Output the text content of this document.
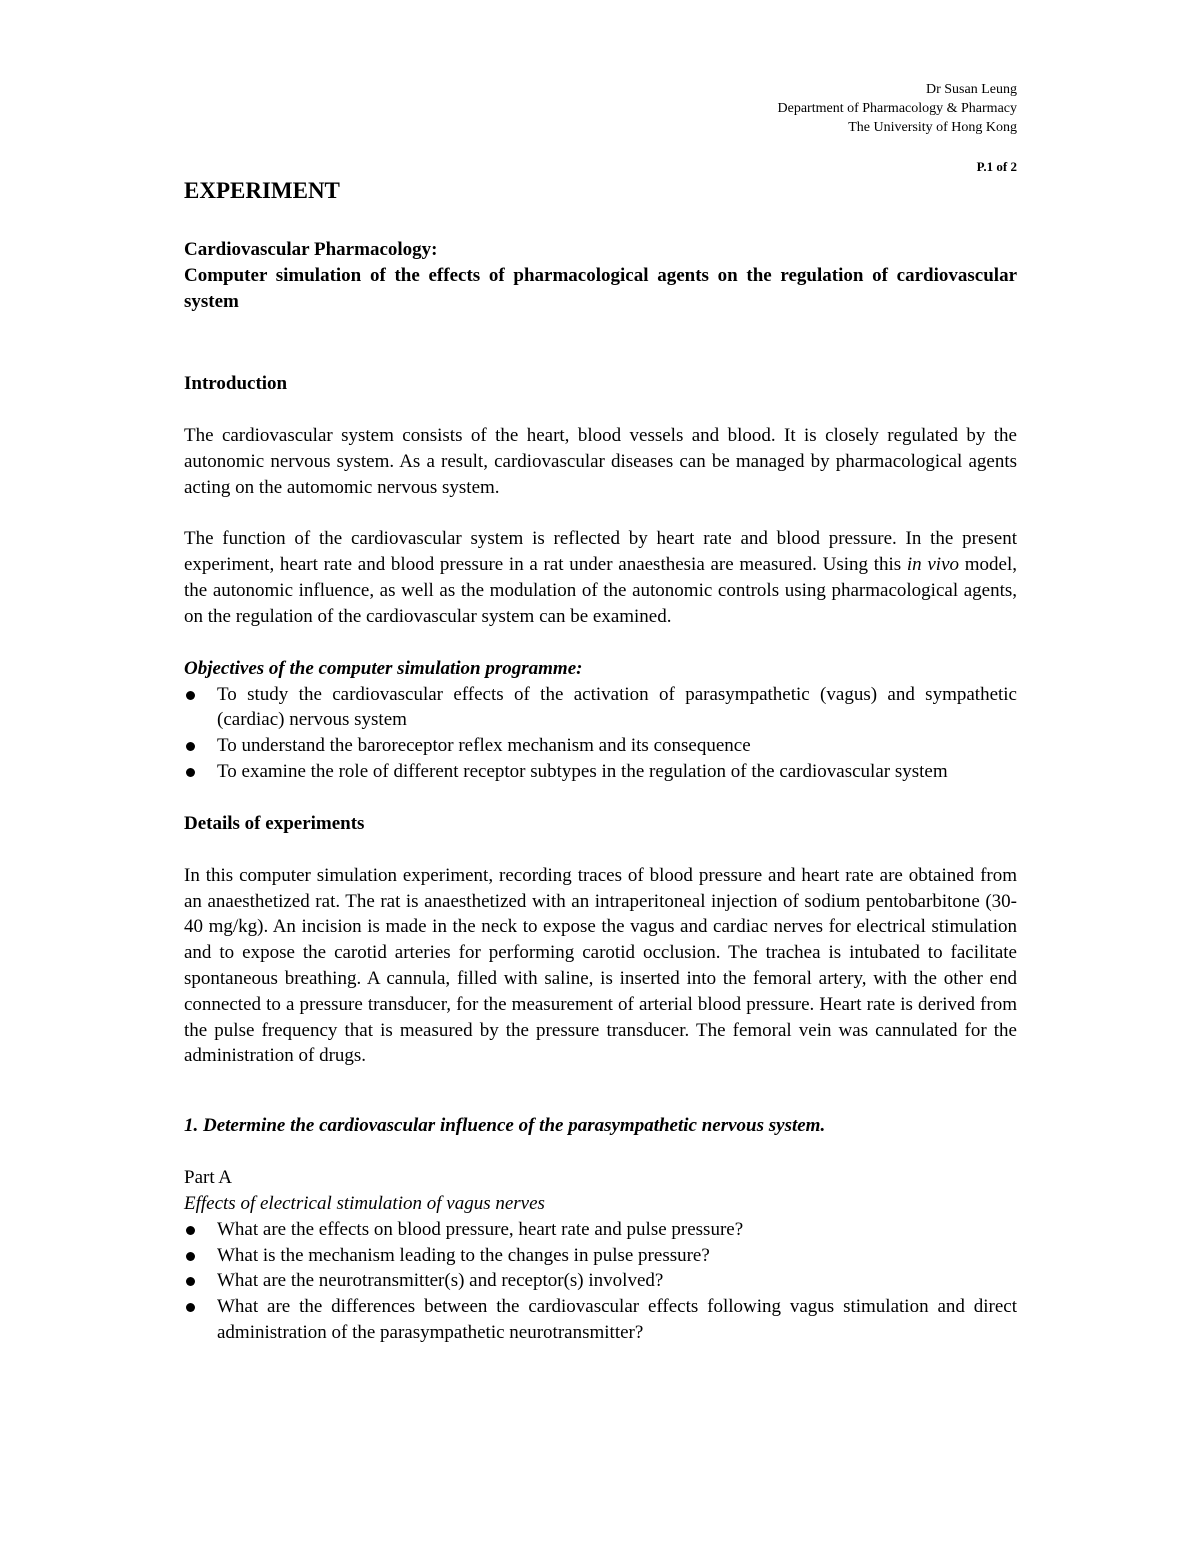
Dr Susan Leung
Department of Pharmacology & Pharmacy
The University of Hong Kong
P.1 of 2
EXPERIMENT
Cardiovascular Pharmacology:
Computer simulation of the effects of pharmacological agents on the regulation of cardiovascular system
Introduction

The cardiovascular system consists of the heart, blood vessels and blood. It is closely regulated by the autonomic nervous system. As a result, cardiovascular diseases can be managed by pharmacological agents acting on the automomic nervous system.

The function of the cardiovascular system is reflected by heart rate and blood pressure. In the present experiment, heart rate and blood pressure in a rat under anaesthesia are measured. Using this in vivo model, the autonomic influence, as well as the modulation of the autonomic controls using pharmacological agents, on the regulation of the cardiovascular system can be examined.

Objectives of the computer simulation programme:
To study the cardiovascular effects of the activation of parasympathetic (vagus) and sympathetic (cardiac) nervous system
To understand the baroreceptor reflex mechanism and its consequence
To examine the role of different receptor subtypes in the regulation of the cardiovascular system
Details of experiments

In this computer simulation experiment, recording traces of blood pressure and heart rate are obtained from an anaesthetized rat. The rat is anaesthetized with an intraperitoneal injection of sodium pentobarbitone (30-40 mg/kg). An incision is made in the neck to expose the vagus and cardiac nerves for electrical stimulation and to expose the carotid arteries for performing carotid occlusion. The trachea is intubated to facilitate spontaneous breathing. A cannula, filled with saline, is inserted into the femoral artery, with the other end connected to a pressure transducer, for the measurement of arterial blood pressure. Heart rate is derived from the pulse frequency that is measured by the pressure transducer. The femoral vein was cannulated for the administration of drugs.

1. Determine the cardiovascular influence of the parasympathetic nervous system.
Part A
Effects of electrical stimulation of vagus nerves
What are the effects on blood pressure, heart rate and pulse pressure?
What is the mechanism leading to the changes in pulse pressure?
What are the neurotransmitter(s) and receptor(s) involved?
What are the differences between the cardiovascular effects following vagus stimulation and direct administration of the parasympathetic neurotransmitter?
